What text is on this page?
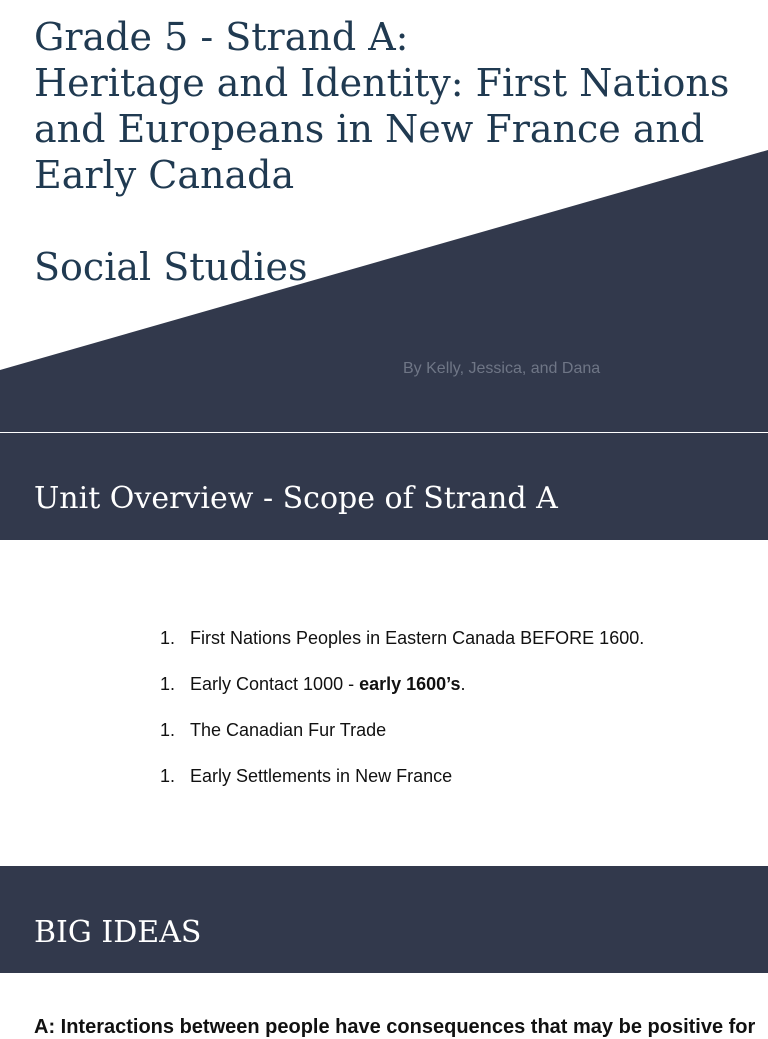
Grade 5 - Strand A:
Heritage and Identity: First Nations
and Europeans in New France and
Early Canada
Social Studies
By Kelly, Jessica, and Dana
Unit Overview - Scope of Strand A
1. First Nations Peoples in Eastern Canada BEFORE 1600.
1. Early Contact 1000 - early 1600’s.
1. The Canadian Fur Trade
1. Early Settlements in New France
BIG IDEAS

A: Interactions between people have consequences that may be positive for
